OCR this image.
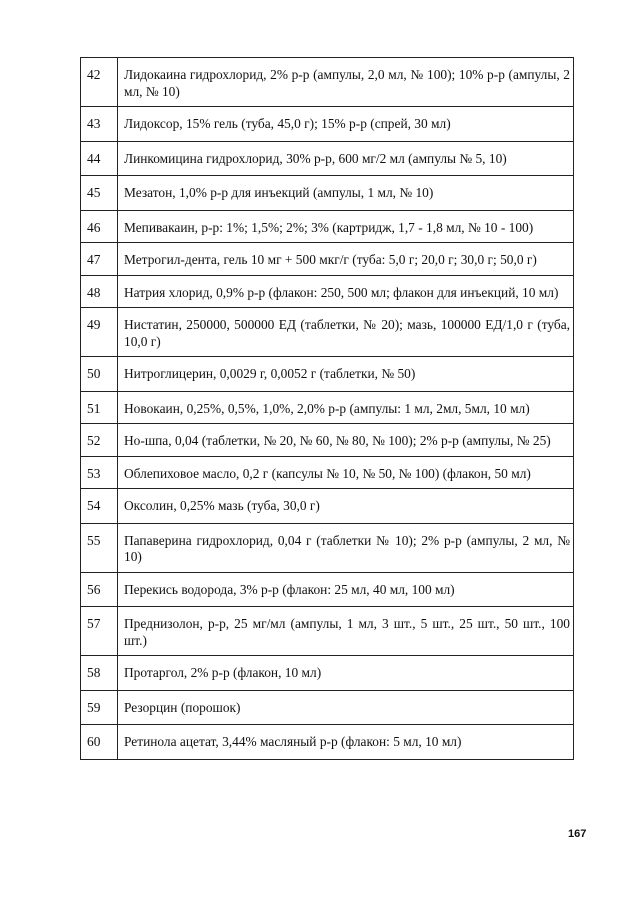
42	Лидокаина гидрохлорид, 2% р-р (ампулы, 2,0 мл, № 100); 10% р-р (ампулы, 2 мл, № 10)
43	Лидоксор, 15% гель (туба, 45,0 г); 15% р-р (спрей, 30 мл)
44	Линкомицина гидрохлорид, 30% р-р, 600 мг/2 мл (ампулы № 5, 10)
45	Мезатон, 1,0% р-р для инъекций (ампулы, 1 мл, № 10)
46	Мепивакаин, р-р: 1%; 1,5%; 2%; 3% (картридж, 1,7 - 1,8 мл, № 10 - 100)
47	Метрогил-дента, гель 10 мг + 500 мкг/г (туба: 5,0 г; 20,0 г; 30,0 г; 50,0 г)
48	Натрия хлорид, 0,9% р-р (флакон: 250, 500 мл; флакон для инъекций, 10 мл)
49	Нистатин, 250000, 500000 ЕД (таблетки, № 20); мазь, 100000 ЕД/1,0 г (туба, 10,0 г)
50	Нитроглицерин, 0,0029 г, 0,0052 г (таблетки, № 50)
51	Новокаин, 0,25%, 0,5%, 1,0%, 2,0% р-р (ампулы: 1 мл, 2мл, 5мл, 10 мл)
52	Но-шпа, 0,04 (таблетки, № 20, № 60, № 80, № 100); 2% р-р (ампулы, № 25)
53	Облепиховое масло, 0,2 г (капсулы № 10, № 50, № 100) (флакон, 50 мл)
54	Оксолин, 0,25% мазь (туба, 30,0 г)
55	Папаверина гидрохлорид, 0,04 г (таблетки № 10); 2% р-р (ампулы, 2 мл, № 10)
56	Перекись водорода, 3% р-р (флакон: 25 мл, 40 мл, 100 мл)
57	Преднизолон, р-р, 25 мг/мл (ампулы, 1 мл, 3 шт., 5 шт., 25 шт., 50 шт., 100 шт.)
58	Протаргол, 2% р-р (флакон, 10 мл)
59	Резорцин (порошок)
60	Ретинола ацетат, 3,44% масляный р-р (флакон: 5 мл, 10 мл)
167
